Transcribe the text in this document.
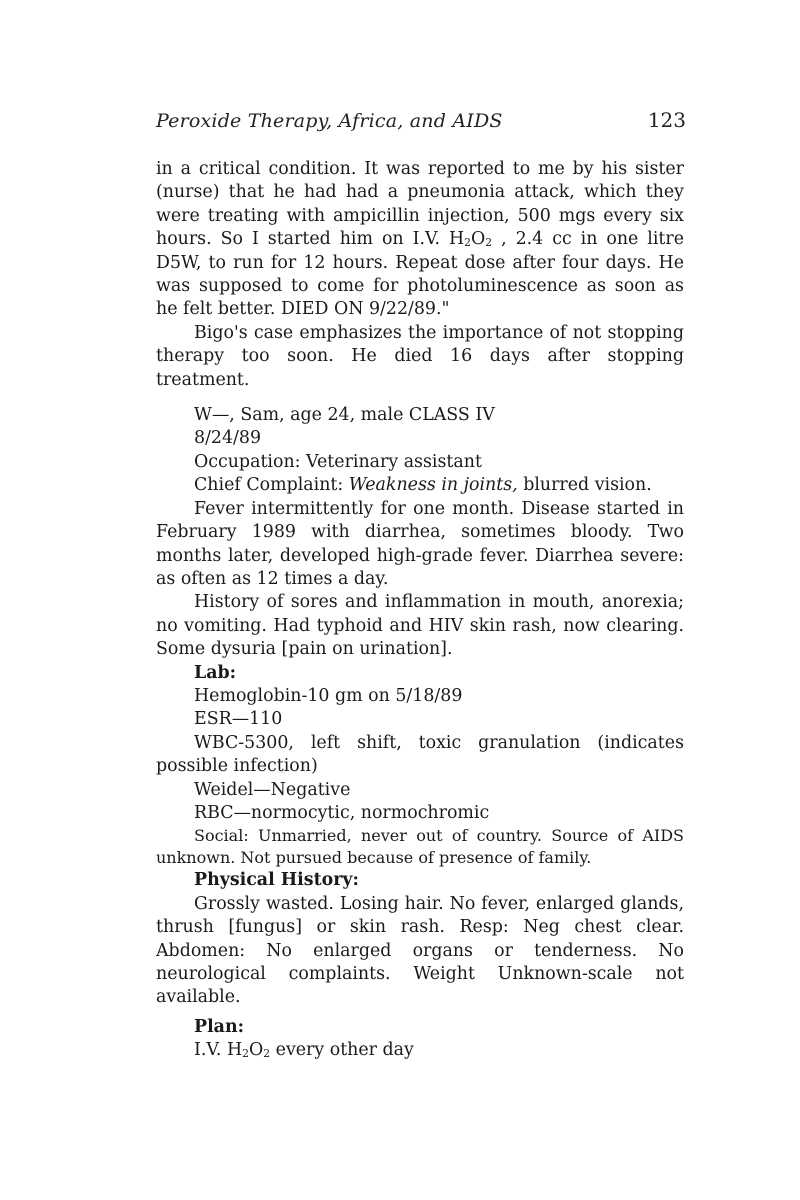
Peroxide Therapy, Africa, and AIDS	123

in a critical condition. It was reported to me by his sister (nurse) that he had had a pneumonia attack, which they were treating with ampicillin injection, 500 mgs every six hours. So I started him on I.V. H2O2 , 2.4 cc in one litre D5W, to run for 12 hours. Repeat dose after four days. He was supposed to come for photoluminescence as soon as he felt better. DIED ON 9/22/89."

Bigo's case emphasizes the importance of not stopping therapy too soon. He died 16 days after stopping treatment.

W—, Sam, age 24, male CLASS IV

8/24/89

Occupation: Veterinary assistant

Chief Complaint: Weakness in joints, blurred vision.

Fever intermittently for one month. Disease started in February 1989 with diarrhea, sometimes bloody. Two months later, developed high-grade fever. Diarrhea severe: as often as 12 times a day.

History of sores and inflammation in mouth, anorexia; no vomiting. Had typhoid and HIV skin rash, now clearing. Some dysuria [pain on urination].

Lab:

Hemoglobin-10 gm on 5/18/89

ESR—110

WBC-5300, left shift, toxic granulation (indicates possible infection)

Weidel—Negative

RBC—normocytic, normochromic

Social: Unmarried, never out of country. Source of AIDS unknown. Not pursued because of presence of family.

Physical History:

Grossly wasted. Losing hair. No fever, enlarged glands, thrush [fungus] or skin rash. Resp: Neg chest clear. Abdomen: No enlarged organs or tenderness. No neurological complaints. Weight Unknown-scale not available.

Plan:

I.V. H2O2 every other day
